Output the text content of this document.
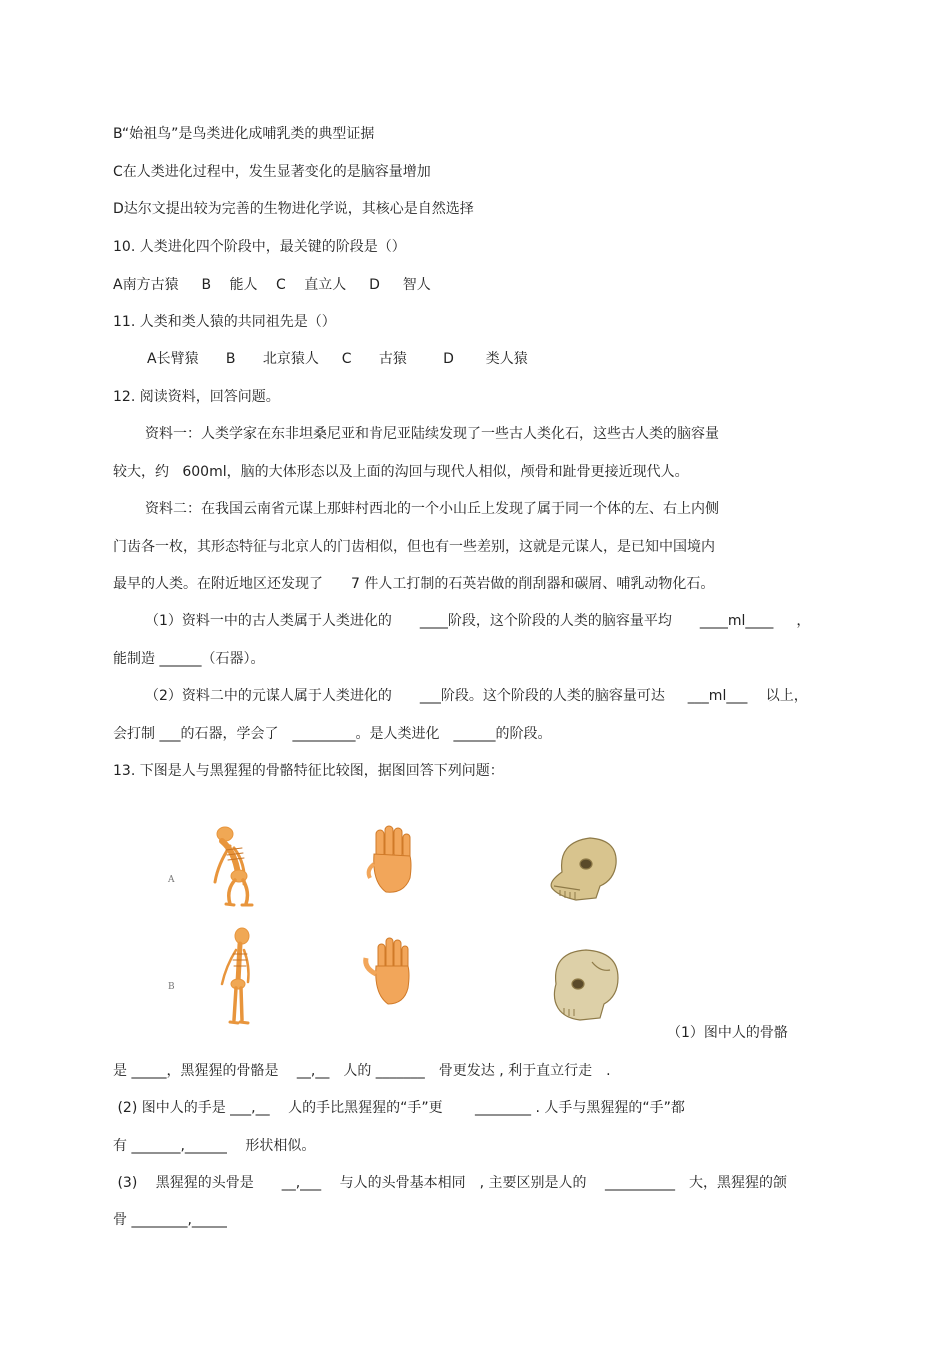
B“始祖鸟”是鸟类进化成哺乳类的典型证据
C在人类进化过程中，发生显著变化的是脑容量增加
D达尔文提出较为完善的生物进化学说，其核心是自然选择
10. 人类进化四个阶段中，最关键的阶段是（）
A南方古猿　  B　 能人　 C　 直立人　  D　  智人
11. 人类和类人猿的共同祖先是（）
A长臂猿　   B　   北京猿人　  C　   古猿　     D　    类人猿
12. 阅读资料，回答问题。
资料一：人类学家在东非坦桑尼亚和肯尼亚陆续发现了一些古人类化石，这些古人类的脑容量
较大，约   600ml，脑的大体形态以及上面的沟回与现代人相似，颅骨和趾骨更接近现代人。
资料二：在我国云南省元谋上那蚌村西北的一个小山丘上发现了属于同一个体的左、右上内侧
门齿各一枚，其形态特征与北京人的门齿相似，但也有一些差别，这就是元谋人，是已知中国境内
最早的人类。在附近地区还发现了　　7 件人工打制的石英岩做的削刮器和碳屑、哺乳动物化石。
（1）资料一中的古人类属于人类进化的　　____阶段，这个阶段的人类的脑容量平均　　____ml____　  ，
能制造 ______（石器）。
（2）资料二中的元谋人属于人类进化的　　___阶段。这个阶段的人类的脑容量可达　  ___ml___　 以上，
会打制 ___的石器，学会了　_________。是人类进化　______的阶段。
13. 下图是人与黑猩猩的骨骼特征比较图，据图回答下列问题：
A
B
（1）图中人的骨骼
是 _____，黑猩猩的骨骼是　 __,__　人的 _______　骨更发达 , 利于直立行走　.
(2) 图中人的手是 ___,__　 人的手比黑猩猩的“手”更　　 ________ . 人手与黑猩猩的“手”都
有 _______,______　 形状相似。
(3)　 黑猩猩的头骨是　　__,___　 与人的头骨基本相同　, 主要区别是人的　 __________　大，黑猩猩的颌
骨 ________,_____
